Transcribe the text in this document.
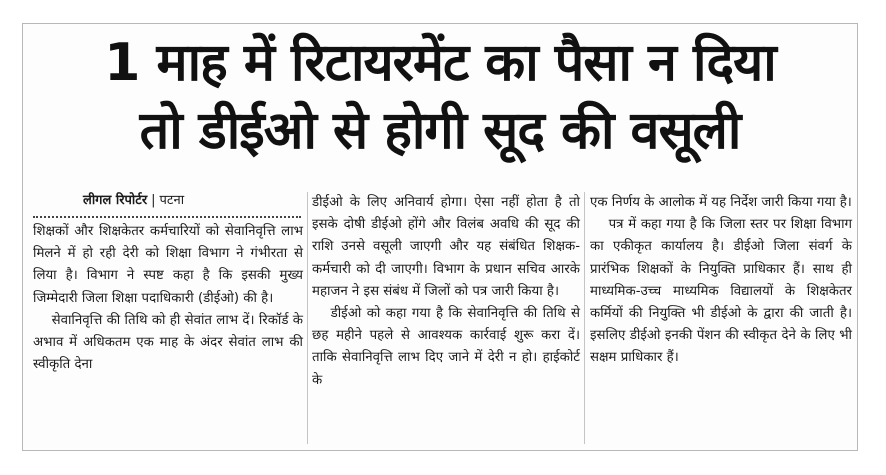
1 माह में रिटायरमेंट का पैसा न दिया
तो डीईओ से होगी सूद की वसूली
लीगल रिपोर्टर | पटना

शिक्षकों और शिक्षकेतर कर्मचारियों को सेवानिवृत्ति लाभ मिलने में हो रही देरी को शिक्षा विभाग ने गंभीरता से लिया है। विभाग ने स्पष्ट कहा है कि इसकी मुख्य जिम्मेदारी जिला शिक्षा पदाधिकारी (डीईओ) की है।

सेवानिवृत्ति की तिथि को ही सेवांत लाभ दें। रिकॉर्ड के अभाव में अधिकतम एक माह के अंदर सेवांत लाभ की स्वीकृति देना

डीईओ के लिए अनिवार्य होगा। ऐसा नहीं होता है तो इसके दोषी डीईओ होंगे और विलंब अवधि की सूद की राशि उनसे वसूली जाएगी और यह संबंधित शिक्षक-कर्मचारी को दी जाएगी। विभाग के प्रधान सचिव आरके महाजन ने इस संबंध में जिलों को पत्र जारी किया है।

डीईओ को कहा गया है कि सेवानिवृत्ति की तिथि से छह महीने पहले से आवश्यक कार्रवाई शुरू करा दें। ताकि सेवानिवृत्ति लाभ दिए जाने में देरी न हो। हाईकोर्ट के

एक निर्णय के आलोक में यह निर्देश जारी किया गया है।

पत्र में कहा गया है कि जिला स्तर पर शिक्षा विभाग का एकीकृत कार्यालय है। डीईओ जिला संवर्ग के प्रारंभिक शिक्षकों के नियुक्ति प्राधिकार हैं। साथ ही माध्यमिक-उच्च माध्यमिक विद्यालयों के शिक्षकेतर कर्मियों की नियुक्ति भी डीईओ के द्वारा की जाती है। इसलिए डीईओ इनकी पेंशन की स्वीकृत देने के लिए भी सक्षम प्राधिकार हैं।
